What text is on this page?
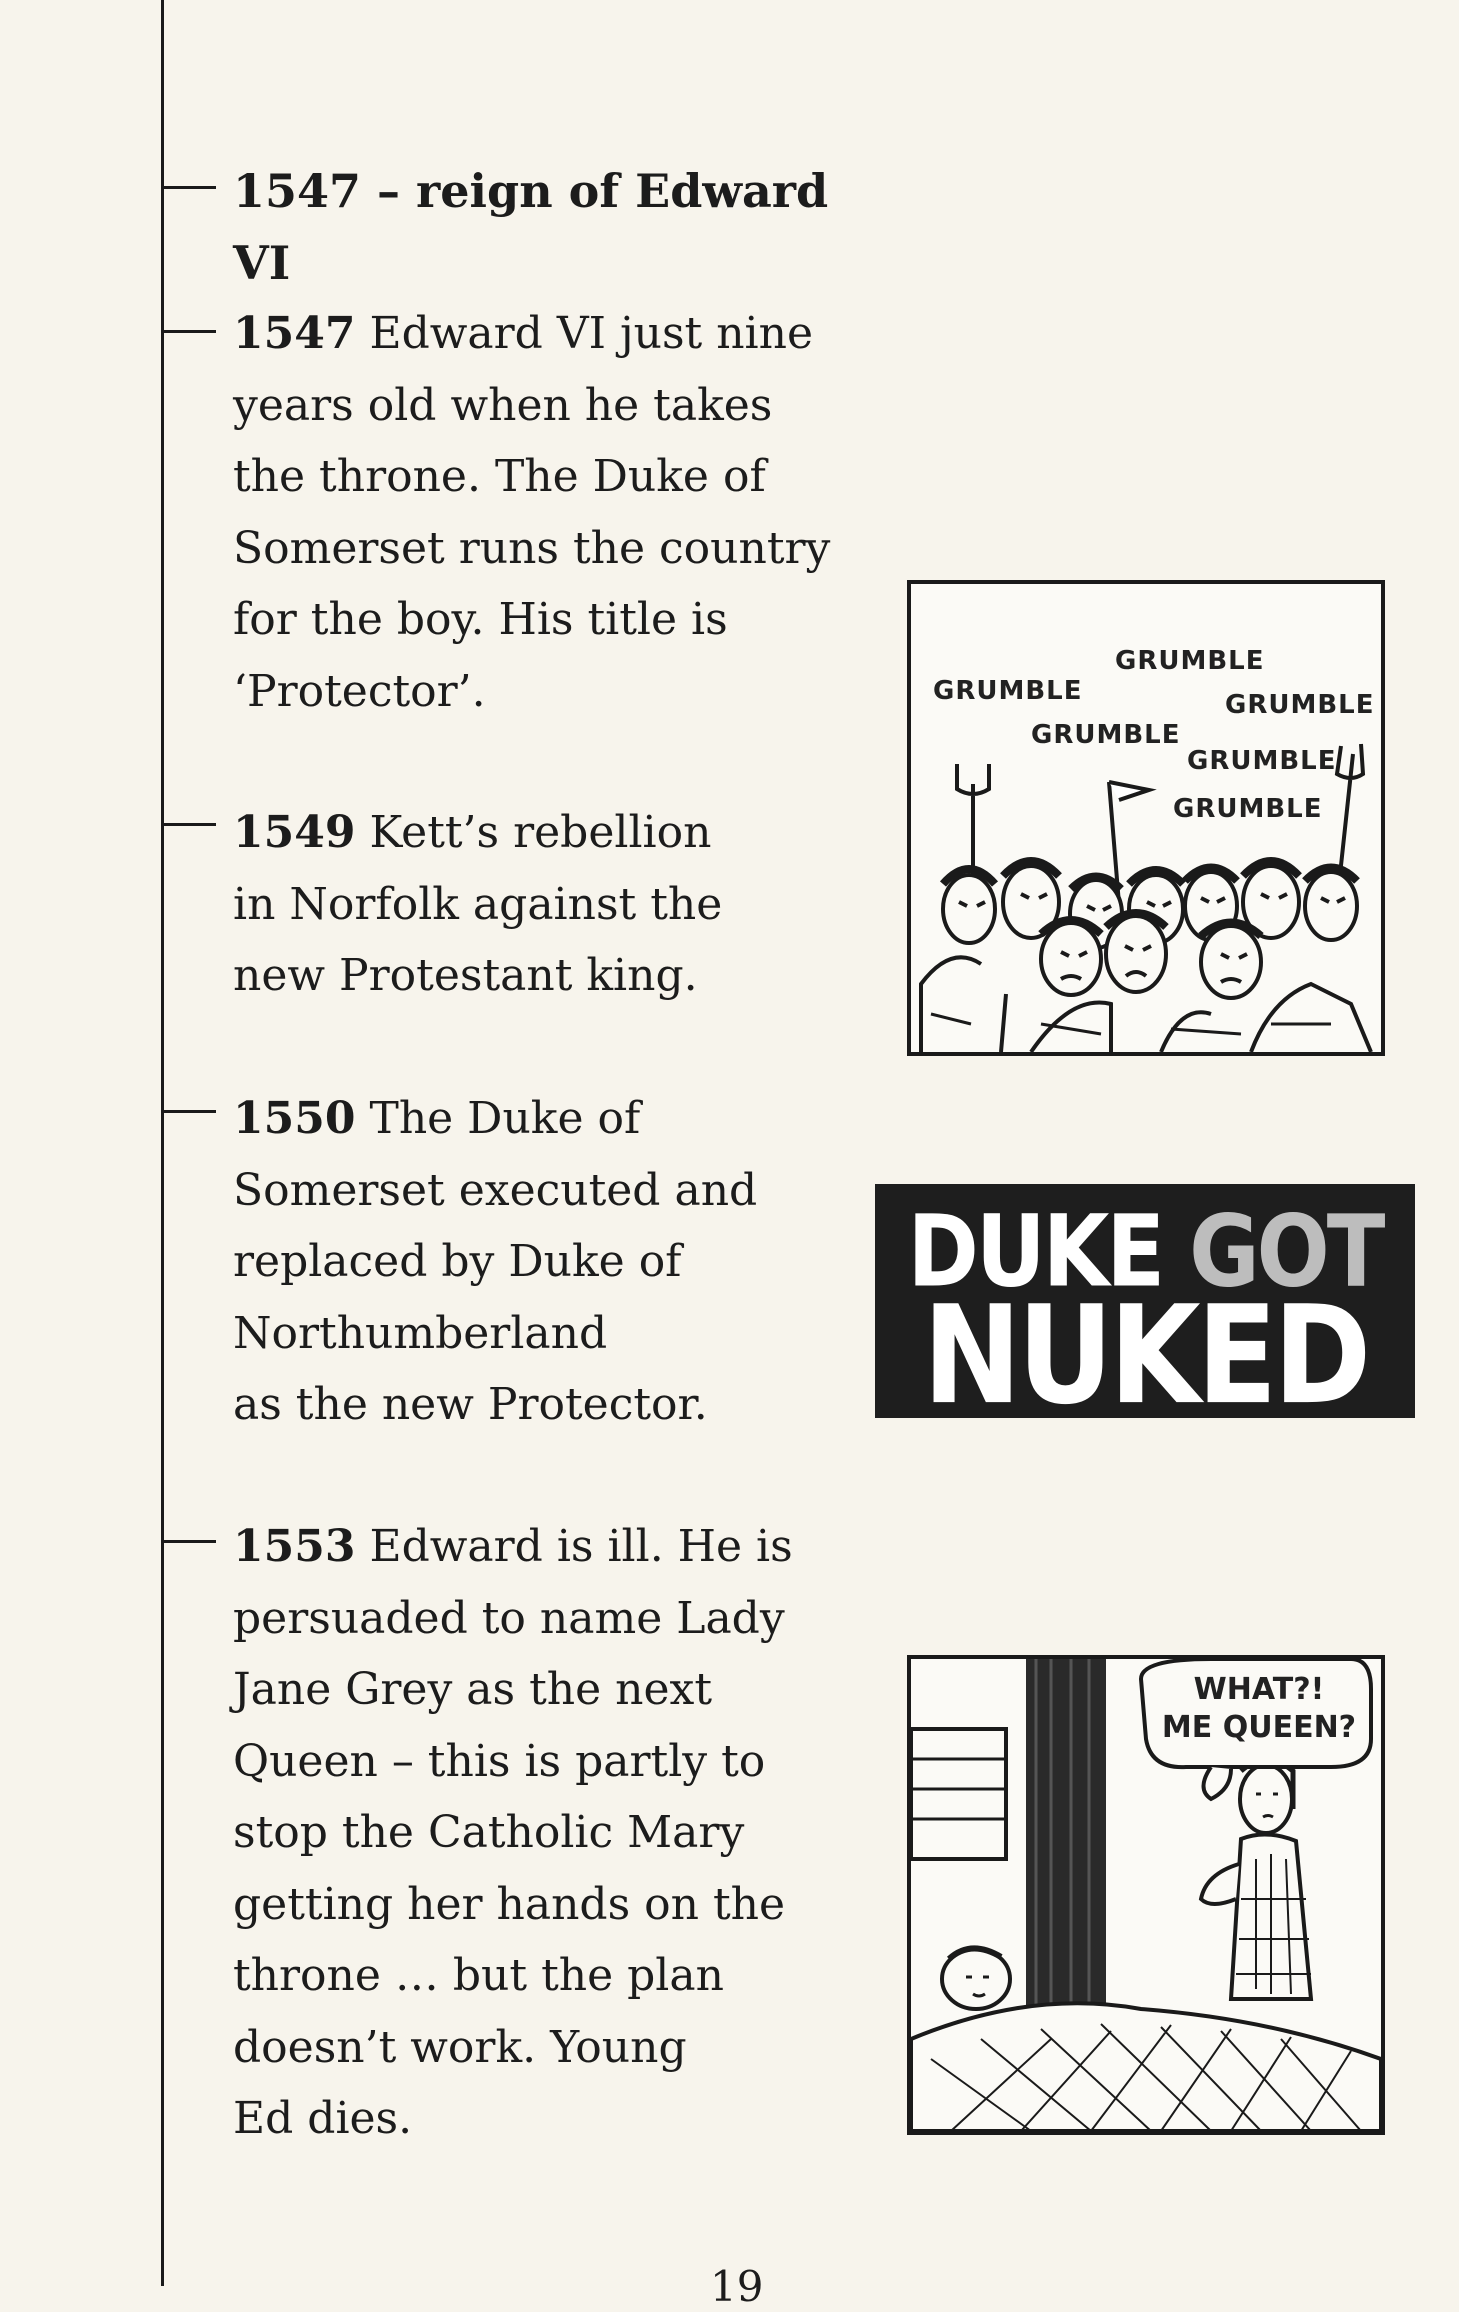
1547 – reign of Edward VI
1547 Edward VI just nine
years old when he takes
the throne. The Duke of
Somerset runs the country
for the boy. His title is
‘Protector’.
1549 Kett’s rebellion
in Norfolk against the
new Protestant king.
1550 The Duke of
Somerset executed and
replaced by Duke of
Northumberland
as the new Protector.
1553 Edward is ill. He is
persuaded to name Lady
Jane Grey as the next
Queen – this is partly to
stop the Catholic Mary
getting her hands on the
throne … but the plan
doesn’t work. Young
Ed dies.
GRUMBLE
GRUMBLE
GRUMBLE
GRUMBLE
GRUMBLE
GRUMBLE
DUKE GOT
NUKED
WHAT?!
ME QUEEN?
19
